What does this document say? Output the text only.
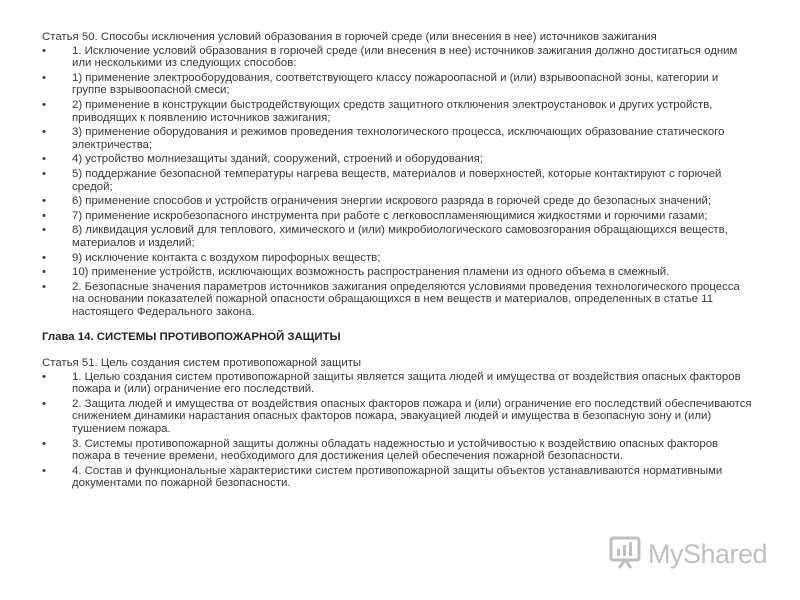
Статья 50. Способы исключения условий образования в горючей среде (или внесения в нее) источников зажигания
• 1. Исключение условий образования в горючей среде (или внесения в нее) источников зажигания должно достигаться одним или несколькими из следующих способов:
• 1) применение электрооборудования, соответствующего классу пожароопасной и (или) взрывоопасной зоны, категории и группе взрывоопасной смеси;
• 2) применение в конструкции быстродействующих средств защитного отключения электроустановок и других устройств, приводящих к появлению источников зажигания;
• 3) применение оборудования и режимов проведения технологического процесса, исключающих образование статического электричества;
• 4) устройство молниезащиты зданий, сооружений, строений и оборудования;
• 5) поддержание безопасной температуры нагрева веществ, материалов и поверхностей, которые контактируют с горючей средой;
• 6) применение способов и устройств ограничения энергии искрового разряда в горючей среде до безопасных значений;
• 7) применение искробезопасного инструмента при работе с легковоспламеняющимися жидкостями и горючими газами;
• 8) ликвидация условий для теплового, химического и (или) микробиологического самовозгорания обращающихся веществ, материалов и изделий;
• 9) исключение контакта с воздухом пирофорных веществ;
• 10) применение устройств, исключающих возможность распространения пламени из одного объема в смежный.
• 2. Безопасные значения параметров источников зажигания определяются условиями проведения технологического процесса на основании показателей пожарной опасности обращающихся в нем веществ и материалов, определенных в статье 11 настоящего Федерального закона.
Глава 14. СИСТЕМЫ ПРОТИВОПОЖАРНОЙ ЗАЩИТЫ
Статья 51. Цель создания систем противопожарной защиты
• 1. Целью создания систем противопожарной защиты является защита людей и имущества от воздействия опасных факторов пожара и (или) ограничение его последствий.
• 2. Защита людей и имущества от воздействия опасных факторов пожара и (или) ограничение его последствий обеспечиваются снижением динамики нарастания опасных факторов пожара, эвакуацией людей и имущества в безопасную зону и (или) тушением пожара.
• 3. Системы противопожарной защиты должны обладать надежностью и устойчивостью к воздействию опасных факторов пожара в течение времени, необходимого для достижения целей обеспечения пожарной безопасности.
• 4. Состав и функциональные характеристики систем противопожарной защиты объектов устанавливаются нормативными документами по пожарной безопасности.
MyShared
